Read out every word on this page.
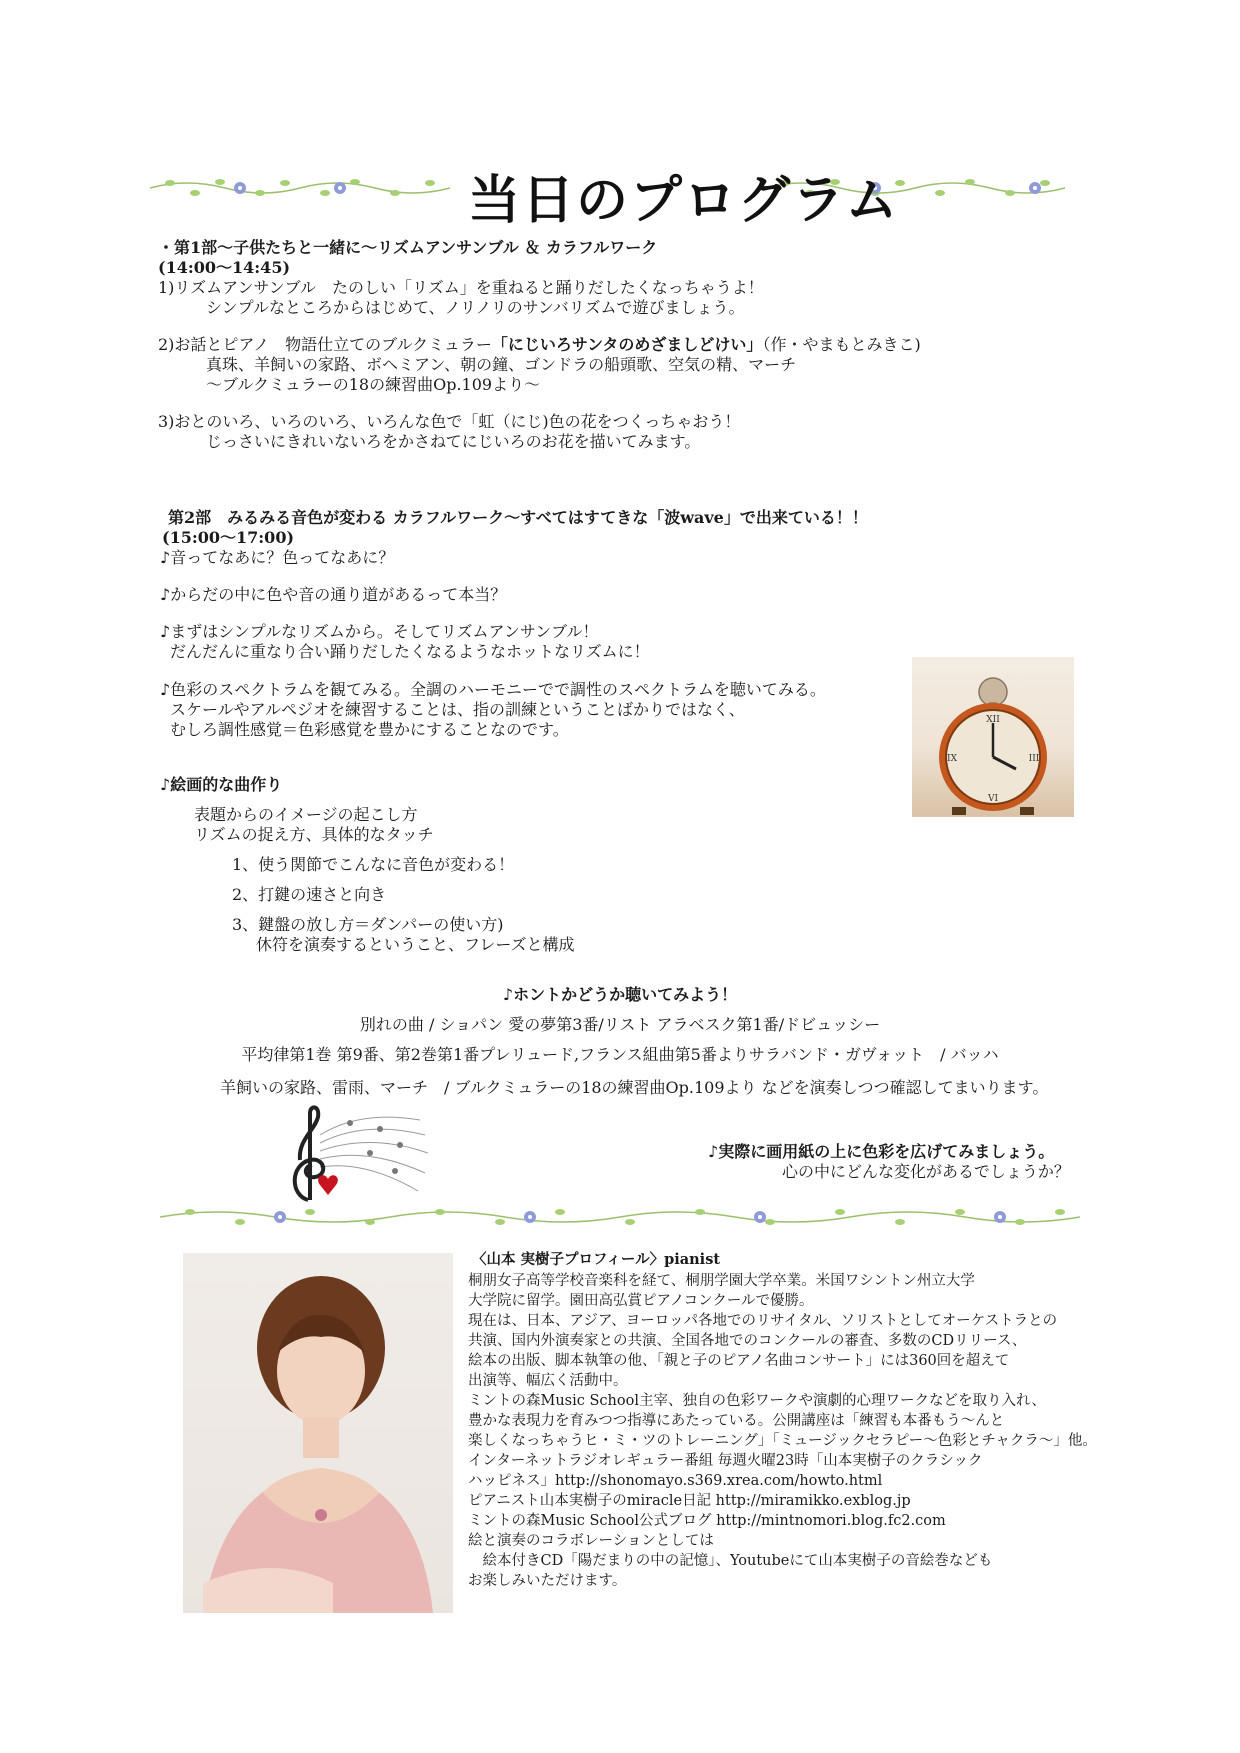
当日のプログラム
・第1部～子供たちと一緒に～リズムアンサンブル ＆ カラフルワーク
(14:00～14:45)
1)リズムアンサンブル　たのしい「リズム」を重ねると踊りだしたくなっちゃうよ！
シンプルなところからはじめて、ノリノリのサンバリズムで遊びましょう。
2)お話とピアノ　物語仕立てのブルクミュラー「にじいろサンタのめざましどけい」（作・やまもとみきこ)
真珠、羊飼いの家路、ボヘミアン、朝の鐘、ゴンドラの船頭歌、空気の精、マーチ
～ブルクミュラーの18の練習曲Op.109より～
3)おとのいろ、いろのいろ、いろんな色で「虹（にじ)色の花をつくっちゃおう！
じっさいにきれいないろをかさねてにじいろのお花を描いてみます。
第2部　みるみる音色が変わる カラフルワーク～すべてはすてきな「波wave」で出来ている！！
(15:00～17:00)
♪音ってなあに？色ってなあに？
♪からだの中に色や音の通り道があるって本当？
♪まずはシンプルなリズムから。そしてリズムアンサンブル！
だんだんに重なり合い踊りだしたくなるようなホットなリズムに！
♪色彩のスペクトラムを観てみる。全調のハーモニーでで調性のスペクトラムを聴いてみる。
スケールやアルペジオを練習することは、指の訓練ということばかりではなく、
むしろ調性感覚＝色彩感覚を豊かにすることなのです。	XII
III
VI
IX
♪絵画的な曲作り
表題からのイメージの起こし方
リズムの捉え方、具体的なタッチ
1、使う関節でこんなに音色が変わる！
2、打鍵の速さと向き
3、鍵盤の放し方＝ダンパーの使い方)
休符を演奏するということ、フレーズと構成
♪ホントかどうか聴いてみよう！
別れの曲 / ショパン 愛の夢第3番/リスト アラベスク第1番/ドビュッシー
平均律第1巻 第9番、第2巻第1番プレリュード,フランス組曲第5番よりサラバンド・ガヴォット　/ バッハ
羊飼いの家路、雷雨、マーチ　/ ブルクミュラーの18の練習曲Op.109より などを演奏しつつ確認してまいります。
♪実際に画用紙の上に色彩を広げてみましょう。
心の中にどんな変化があるでしょうか？
〈山本 実樹子プロフィール〉pianist
桐朋女子高等学校音楽科を経て、桐朋学園大学卒業。米国ワシントン州立大学
大学院に留学。園田高弘賞ピアノコンクールで優勝。
現在は、日本、アジア、ヨーロッパ各地でのリサイタル、ソリストとしてオーケストラとの
共演、国内外演奏家との共演、全国各地でのコンクールの審査、多数のCDリリース、
絵本の出版、脚本執筆の他、「親と子のピアノ名曲コンサート」には360回を超えて
出演等、幅広く活動中。
ミントの森Music School主宰、独自の色彩ワークや演劇的心理ワークなどを取り入れ、
豊かな表現力を育みつつ指導にあたっている。公開講座は「練習も本番もう～んと
楽しくなっちゃうヒ・ミ・ツのトレーニング」「ミュージックセラピー～色彩とチャクラ～」他。
インターネットラジオレギュラー番組 毎週火曜23時「山本実樹子のクラシック
ハッピネス」http://shonomayo.s369.xrea.com/howto.html
ピアニスト山本実樹子のmiracle日記 http://miramikko.exblog.jp
ミントの森Music School公式ブログ http://mintnomori.blog.fc2.com
絵と演奏のコラボレーションとしては
　絵本付きCD「陽だまりの中の記憶」、Youtubeにて山本実樹子の音絵巻なども
お楽しみいただけます。
